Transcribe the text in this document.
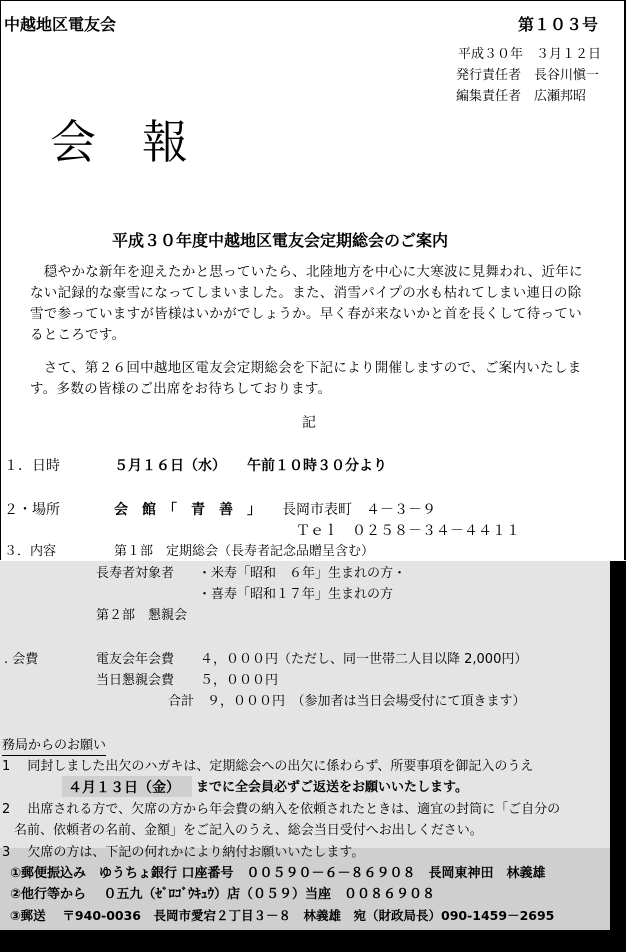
中越地区電友会	第１０３号
平成３０年　３月１２日
発行責任者　長谷川愼一
編集責任者　広瀬邦昭
会　報
平成３０年度中越地区電友会定期総会のご案内
　穏やかな新年を迎えたかと思っていたら、北陸地方を中心に大寒波に見舞われ、近年に
ない記録的な豪雪になってしまいました。また、消雪パイプの水も枯れてしまい連日の除
雪で参っていますが皆様はいかがでしょうか。早く春が来ないかと首を長くして待ってい
るところです。
　さて、第２６回中越地区電友会定期総会を下記により開催しますので、ご案内いたしま
す。多数の皆様のご出席をお待ちしております。
記
１．日時	５月１６日（水）　　午前１０時３０分より
２・場所	会　館　「　青　善　」 長岡市表町　４－３－９
Ｔｅｌ　０２５８－３４－４４１１
３．内容	第１部　定期総会（長寿者記念品贈呈含む）
長寿者対象者 ・米寿「昭和　６年」生まれの方・
・喜寿「昭和１７年」生まれの方
第２部　懇親会
. 会費	電友会年会費　　４，０００円（ただし、同一世帯二人目以降 2,000円）
当日懇親会費　　５，０００円
合計　９，０００円　（参加者は当日会場受付にて頂きます）
務局からのお願い
1　 同封しました出欠のハガキは、定期総会への出欠に係わらず、所要事項を御記入のうえ
４月１３日（金） までに全会員必ずご返送をお願いいたします。
2　 出席される方で、欠席の方から年会費の納入を依頼されたときは、適宜の封筒に「ご自分の
名前、依頼者の名前、金額」をご記入のうえ、総会当日受付へお出しください。
3　 欠席の方は、下記の何れかにより納付お願いいたします。
①郵便振込み　ゆうちょ銀行 口座番号　００５９０－６－８６９０８　長岡東神田　林義雄
②他行等から　 ０五九（ｾﾞﾛｺﾞｳｷｭｳ）店（０５９）当座　００８６９０８
③郵送　 〒940-0036　長岡市愛宕２丁目３－８　林義雄　宛（財政局長）090-1459－2695
